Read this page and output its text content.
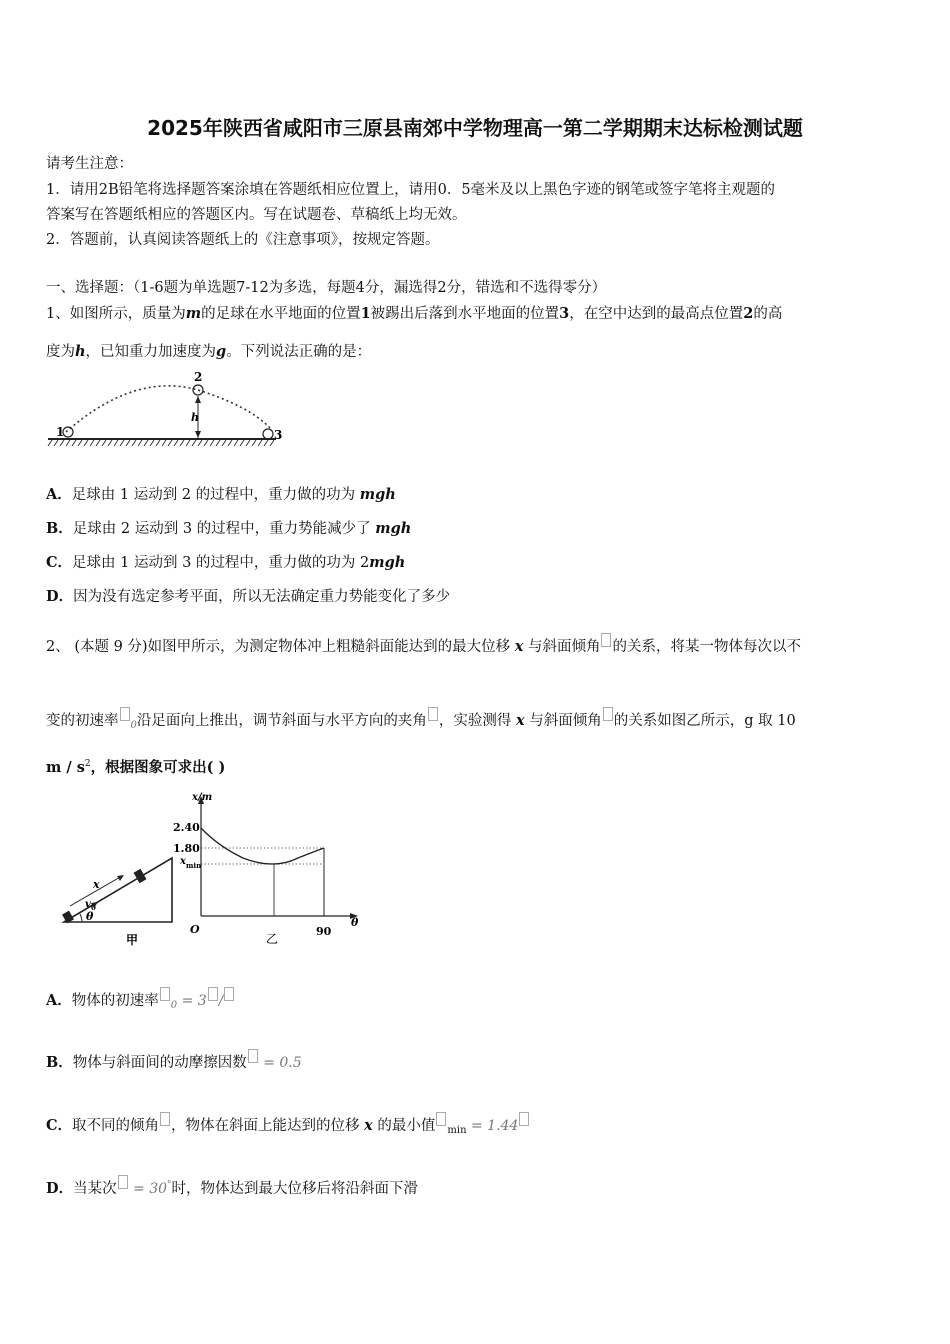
2025年陕西省咸阳市三原县南郊中学物理高一第二学期期末达标检测试题
请考生注意：
1．请用2B铅笔将选择题答案涂填在答题纸相应位置上，请用0．5毫米及以上黑色字迹的钢笔或签字笔将主观题的
答案写在答题纸相应的答题区内。写在试题卷、草稿纸上均无效。
2．答题前，认真阅读答题纸上的《注意事项》，按规定答题。
一、选择题：（1-6题为单选题7-12为多选，每题4分，漏选得2分，错选和不选得零分）
1、如图所示，质量为m的足球在水平地面的位置1被踢出后落到水平地面的位置3，在空中达到的最高点位置2的高
度为h，已知重力加速度为g。下列说法正确的是：
1
2
3
h
A．足球由 1 运动到 2 的过程中，重力做的功为 mgh
B．足球由 2 运动到 3 的过程中，重力势能减少了 mgh
C．足球由 1 运动到 3 的过程中，重力做的功为 2mgh
D．因为没有选定参考平面，所以无法确定重力势能变化了多少
2、 (本题 9 分)如图甲所示，为测定物体冲上粗糙斜面能达到的最大位移 x 与斜面倾角 的关系，将某一物体每次以不
变的初速率 $_0$沿足面向上推出，调节斜面与水平方向的夹角 ，实验测得 x 与斜面倾角 的关系如图乙所示，g 取 10
m / $s^2$，根据图象可求出( )
x
v 0
θ
甲
x/m
2.40
1.80
x min
O	90
θ
乙
A．物体的初速率 $_0$ = 3 /
B．物体与斜面间的动摩擦因数 = 0.5
C．取不同的倾角 ，物体在斜面上能达到的位移 x 的最小值 $_{min}$ = 1.44
D．当某次 = 30°时，物体达到最大位移后将沿斜面下滑
